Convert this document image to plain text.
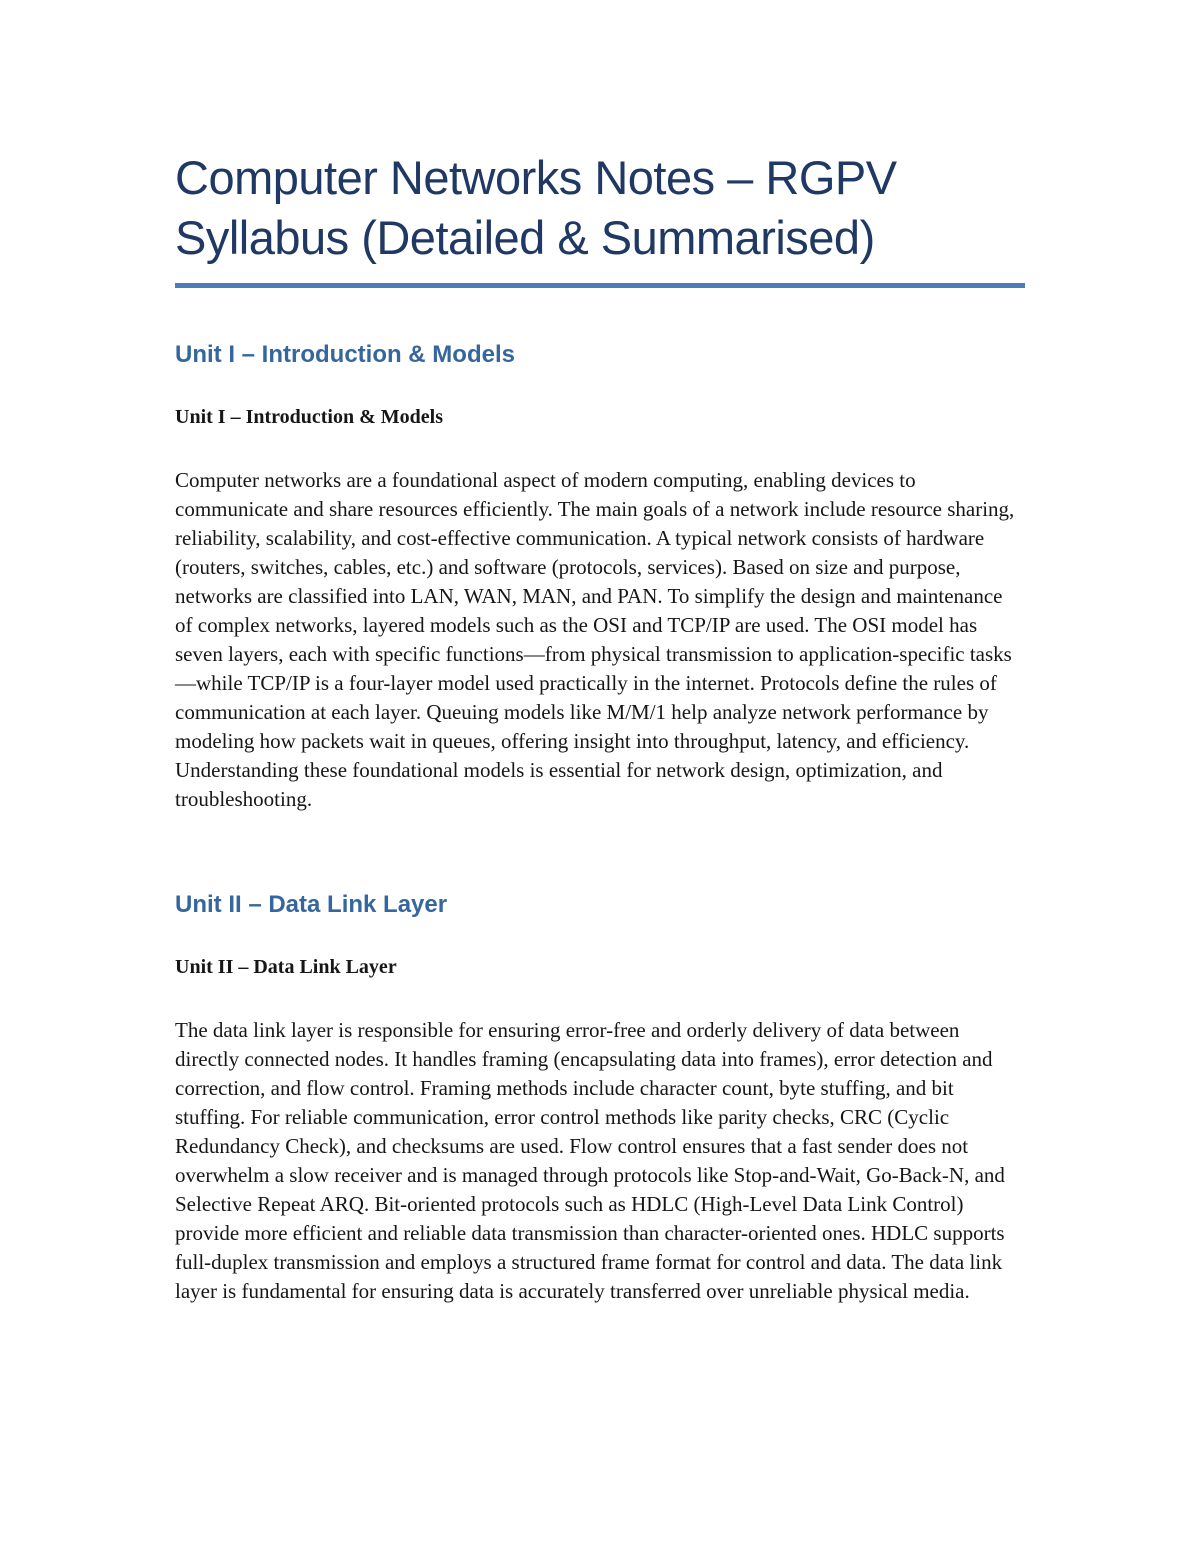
Computer Networks Notes – RGPV Syllabus (Detailed & Summarised)
Unit I – Introduction & Models

Unit I – Introduction & Models

Computer networks are a foundational aspect of modern computing, enabling devices to communicate and share resources efficiently. The main goals of a network include resource sharing, reliability, scalability, and cost-effective communication. A typical network consists of hardware (routers, switches, cables, etc.) and software (protocols, services). Based on size and purpose, networks are classified into LAN, WAN, MAN, and PAN. To simplify the design and maintenance of complex networks, layered models such as the OSI and TCP/IP are used. The OSI model has seven layers, each with specific functions—from physical transmission to application-specific tasks—while TCP/IP is a four-layer model used practically in the internet. Protocols define the rules of communication at each layer. Queuing models like M/M/1 help analyze network performance by modeling how packets wait in queues, offering insight into throughput, latency, and efficiency. Understanding these foundational models is essential for network design, optimization, and troubleshooting.

Unit II – Data Link Layer

Unit II – Data Link Layer

The data link layer is responsible for ensuring error-free and orderly delivery of data between directly connected nodes. It handles framing (encapsulating data into frames), error detection and correction, and flow control. Framing methods include character count, byte stuffing, and bit stuffing. For reliable communication, error control methods like parity checks, CRC (Cyclic Redundancy Check), and checksums are used. Flow control ensures that a fast sender does not overwhelm a slow receiver and is managed through protocols like Stop-and-Wait, Go-Back-N, and Selective Repeat ARQ. Bit-oriented protocols such as HDLC (High-Level Data Link Control) provide more efficient and reliable data transmission than character-oriented ones. HDLC supports full-duplex transmission and employs a structured frame format for control and data. The data link layer is fundamental for ensuring data is accurately transferred over unreliable physical media.
